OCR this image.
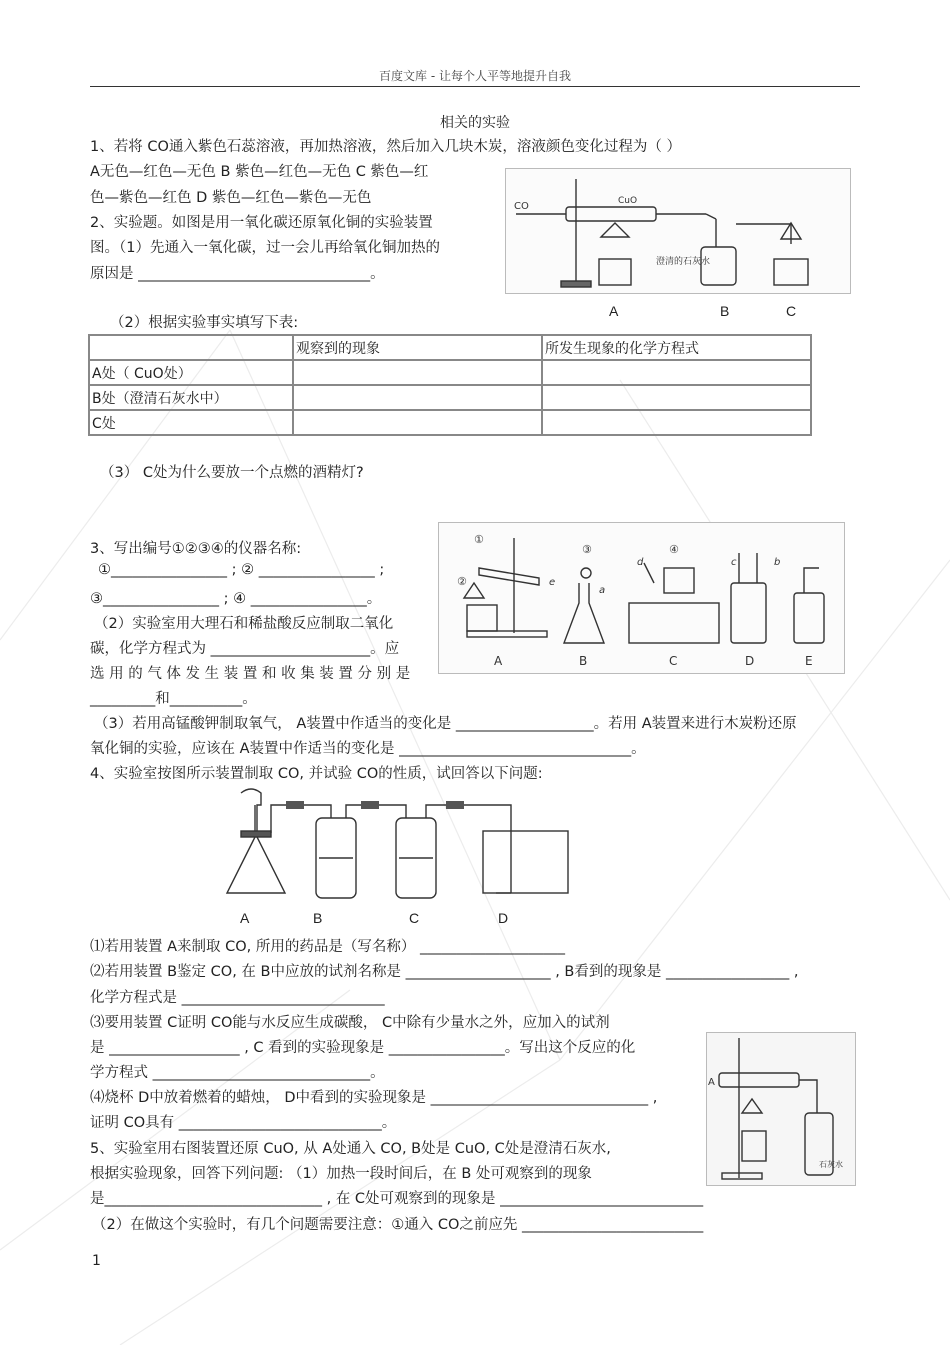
百度文库 - 让每个人平等地提升自我
相关的实验
1、若将 CO通入紫色石蕊溶液，再加热溶液，然后加入几块木炭，溶液颜色变化过程为（ ）
A无色—红色—无色 B 紫色—红色—无色 C 紫色—红
色—紫色—红色 D 紫色—红色—紫色—无色
2、实验题。如图是用一氧化碳还原氧化铜的实验装置
图。（1）先通入一氧化碳，过一会儿再给氧化铜加热的
原因是 ________________________________。
（2）根据实验事实填写下表:
CO	CuO
澄清的石灰水
A	B	C
	观察到的现象	所发生现象的化学方程式
A处（ CuO处）		
B处（澄清石灰水中）		
C处		
（3） C处为什么要放一个点燃的酒精灯?
3、写出编号①②③④的仪器名称:
①________________ ; ② ________________ ;
③________________ ; ④ ________________。
（2）实验室用大理石和稀盐酸反应制取二氧化
碳，化学方程式为 ______________________。应
选 用 的 气 体 发 生 装 置 和 收 集 装 置 分 别 是
_________和__________。
（3）若用高锰酸钾制取氧气， A装置中作适当的变化是 ___________________。若用 A装置来进行木炭粉还原
氧化铜的实验，应该在 A装置中作适当的变化是 ________________________________。
①
②
③	④
a
b
c
d
e
A	B	C	D	E
4、实验室按图所示装置制取 CO, 并试验 CO的性质，试回答以下问题:
A	B	C	D
⑴若用装置 A来制取 CO, 所用的药品是（写名称） ____________________
⑵若用装置 B鉴定 CO, 在 B中应放的试剂名称是 ____________________ , B看到的现象是 _________________ ,
化学方程式是 ____________________________
⑶要用装置 C证明 CO能与水反应生成碳酸， C中除有少量水之外，应加入的试剂
是 __________________ , C 看到的实验现象是 ________________。写出这个反应的化
学方程式 ______________________________。
⑷烧杯 D中放着燃着的蜡烛， D中看到的实验现象是 ______________________________ ,
证明 CO具有 ____________________________。
A
石灰水
5、实验室用右图装置还原 CuO, 从 A处通入 CO, B处是 CuO, C处是澄清石灰水,
根据实验现象，回答下列问题: （1）加热一段时间后，在 B 处可观察到的现象
是______________________________ , 在 C处可观察到的现象是 ____________________________
（2）在做这个实验时，有几个问题需要注意：①通入 CO之前应先 _________________________
1
